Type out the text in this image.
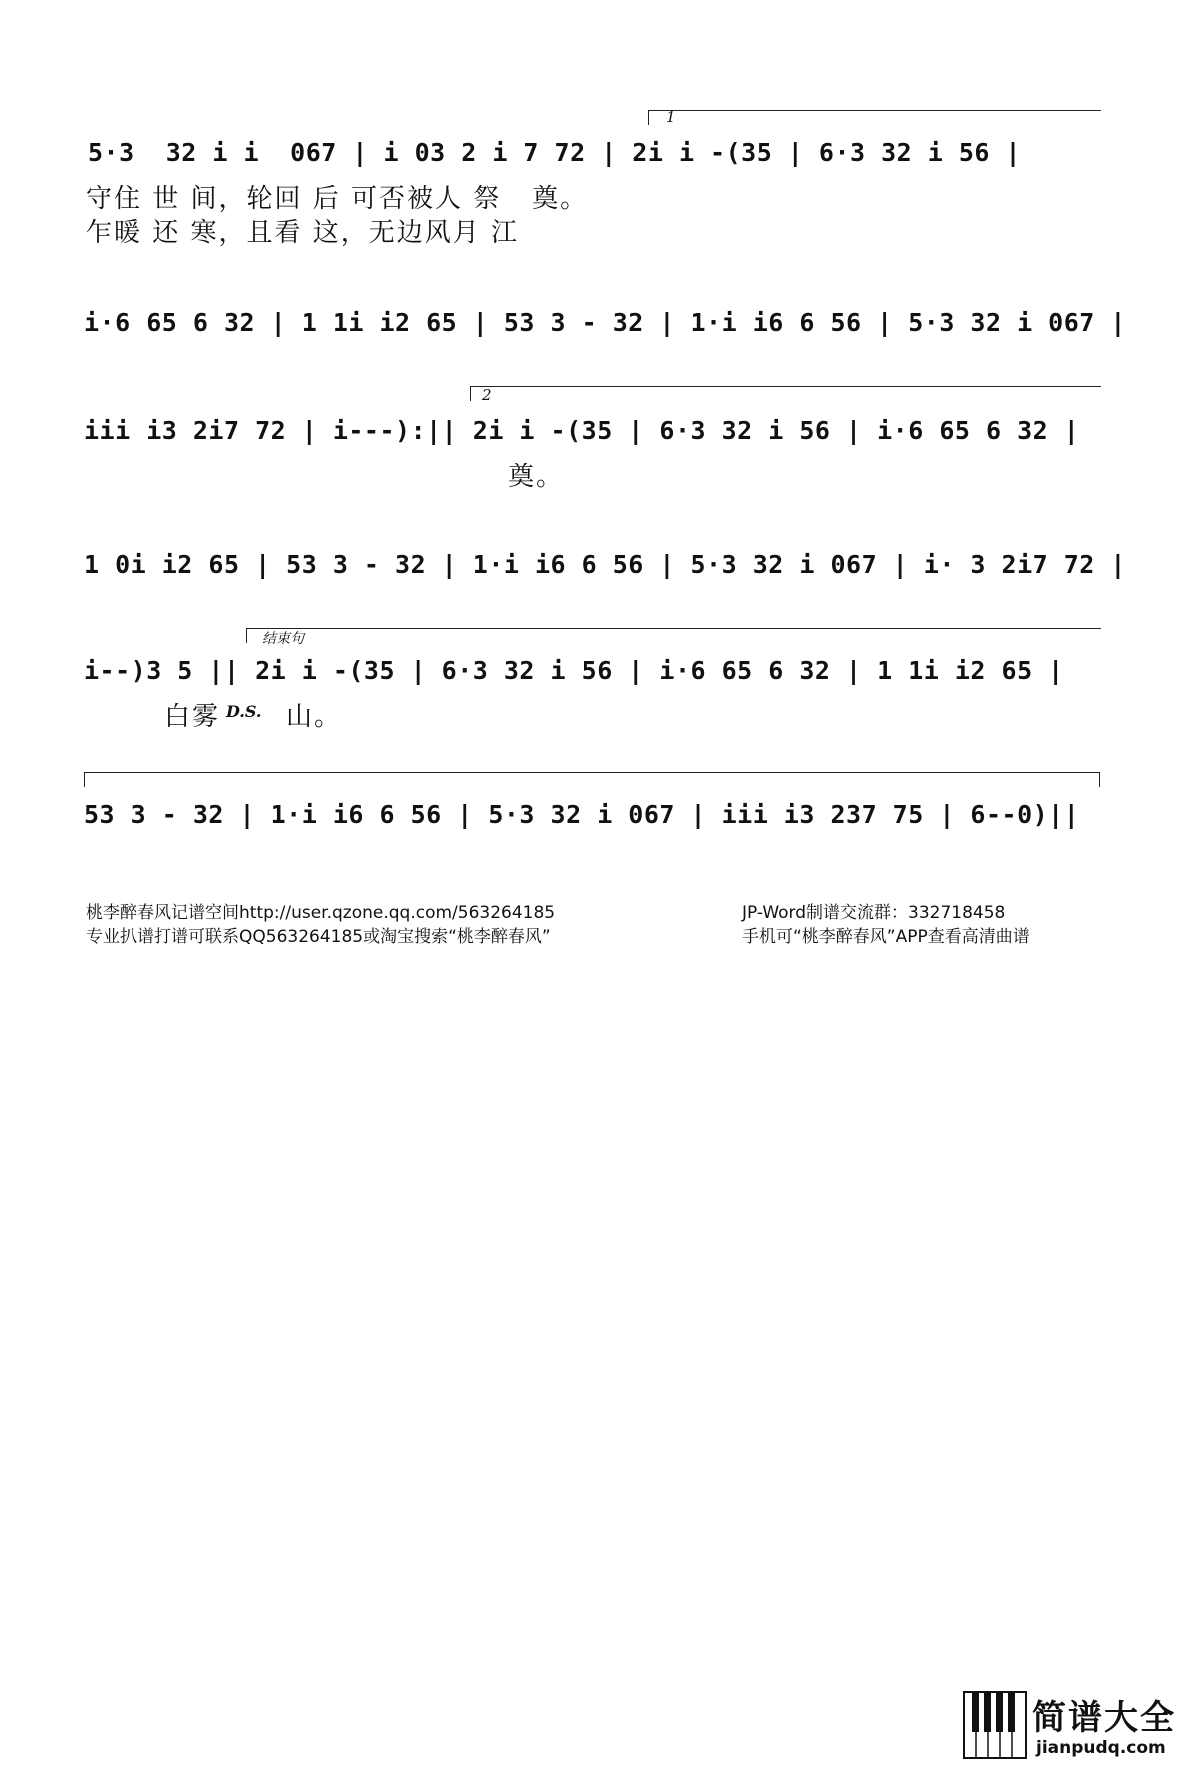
1
5·3  32 i i  067 | i 03 2 i 7 72 | 2i i -(35 | 6·3 32 i 56 |
守住 世 间，轮回 后 可否被人 祭   奠。
乍暖 还 寒，且看 这，无边风月 江
i·6 65 6 32 | 1 1i i2 65 | 53 3 - 32 | 1·i i6 6 56 | 5·3 32 i 067 |
2
iii i3 2i7 72 | i---):|| 2i i -(35 | 6·3 32 i 56 | i·6 65 6 32 |
奠。
1 0i i2 65 | 53 3 - 32 | 1·i i6 6 56 | 5·3 32 i 067 | i· 3 2i7 72 |
结束句
i--)3 5 || 2i i -(35 | 6·3 32 i 56 | i·6 65 6 32 | 1 1i i2 65 |
白雾 D.S. 山。
53 3 - 32 | 1·i i6 6 56 | 5·3 32 i 067 | iii i3 237 75 | 6--0)||
桃李醉春风记谱空间http://user.qzone.qq.com/563264185
专业扒谱打谱可联系QQ563264185或淘宝搜索“桃李醉春风”
JP-Word制谱交流群：332718458
手机可“桃李醉春风”APP查看高清曲谱
简谱大全
jianpudq.com
